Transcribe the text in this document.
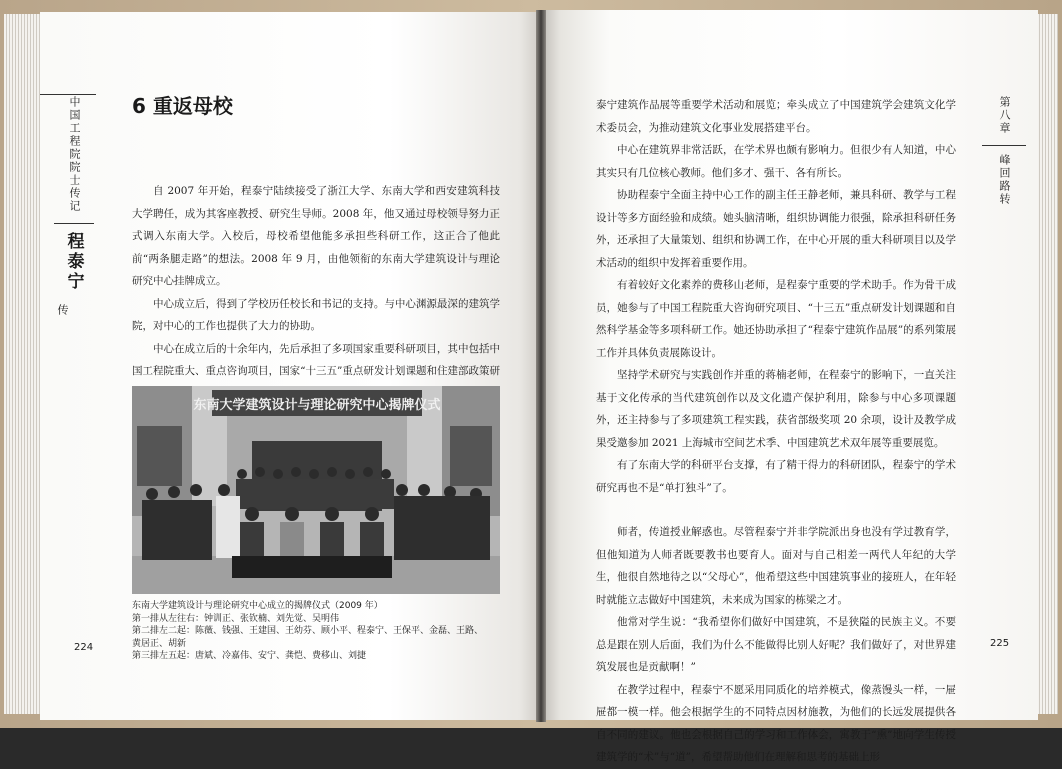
中国工程院院士传记
程泰宁
传
6 重返母校

自 2007 年开始，程泰宁陆续接受了浙江大学、东南大学和西安建筑科技大学聘任，成为其客座教授、研究生导师。2008 年，他又通过母校领导努力正式调入东南大学。入校后，母校希望他能多承担些科研工作，这正合了他此前“两条腿走路”的想法。2008 年 9 月，由他领衔的东南大学建筑设计与理论研究中心挂牌成立。

中心成立后，得到了学校历任校长和书记的支持。与中心渊源最深的建筑学院，对中心的工作也提供了大力的协助。

中心在成立后的十余年内，先后承担了多项国家重要科研项目，其中包括中国工程院重大、重点咨询项目，国家“十三五”重点研发计划课题和住建部政策研

东南大学建筑设计与理论研究中心揭牌仪式
东南大学建筑设计与理论研究中心成立的揭牌仪式（2009 年）
第一排从左往右：钟训正、张钦楠、刘先觉、吴明伟
第二排左二起：陈薇、钱强、王建国、王幼芬、顾小平、程泰宁、王保平、金磊、王路、
黄居正、胡新
第三排左五起：唐斌、冷嘉伟、安宁、龚恺、费移山、刘捷
224

泰宁建筑作品展等重要学术活动和展览；牵头成立了中国建筑学会建筑文化学术委员会，为推动建筑文化事业发展搭建平台。

中心在建筑界非常活跃，在学术界也颇有影响力。但很少有人知道，中心其实只有几位核心教师。他们多才、强干、各有所长。

协助程泰宁全面主持中心工作的副主任王静老师，兼具科研、教学与工程设计等多方面经验和成绩。她头脑清晰，组织协调能力很强，除承担科研任务外，还承担了大量策划、组织和协调工作，在中心开展的重大科研项目以及学术活动的组织中发挥着重要作用。

有着较好文化素养的费移山老师，是程泰宁重要的学术助手。作为骨干成员，她参与了中国工程院重大咨询研究项目、“十三五”重点研发计划课题和自然科学基金等多项科研工作。她还协助承担了“程泰宁建筑作品展”的系列策展工作并具体负责展陈设计。

坚持学术研究与实践创作并重的蒋楠老师，在程泰宁的影响下，一直关注基于文化传承的当代建筑创作以及文化遗产保护利用，除参与中心多项课题外，还主持参与了多项建筑工程实践，获省部级奖项 20 余项，设计及教学成果受邀参加 2021 上海城市空间艺术季、中国建筑艺术双年展等重要展览。

有了东南大学的科研平台支撑，有了精干得力的科研团队，程泰宁的学术研究再也不是“单打独斗”了。

师者，传道授业解惑也。尽管程泰宁并非学院派出身也没有学过教育学，但他知道为人师者既要教书也要育人。面对与自己相差一两代人年纪的大学生，他很自然地待之以“父母心”，他希望这些中国建筑事业的接班人，在年轻时就能立志做好中国建筑，未来成为国家的栋梁之才。

他常对学生说：“我希望你们做好中国建筑，不是狭隘的民族主义。不要总是跟在别人后面，我们为什么不能做得比别人好呢？我们做好了，对世界建筑发展也是贡献啊！”

在教学过程中，程泰宁不愿采用同质化的培养模式，像蒸馒头一样，一屉屉都一模一样。他会根据学生的不同特点因材施教，为他们的长远发展提供各自不同的建议。他也会根据自己的学习和工作体会，寓教于“熏”地向学生传授建筑学的“术”与“道”，希望帮助他们在理解和思考的基础上形

第八章
峰回路转
225
